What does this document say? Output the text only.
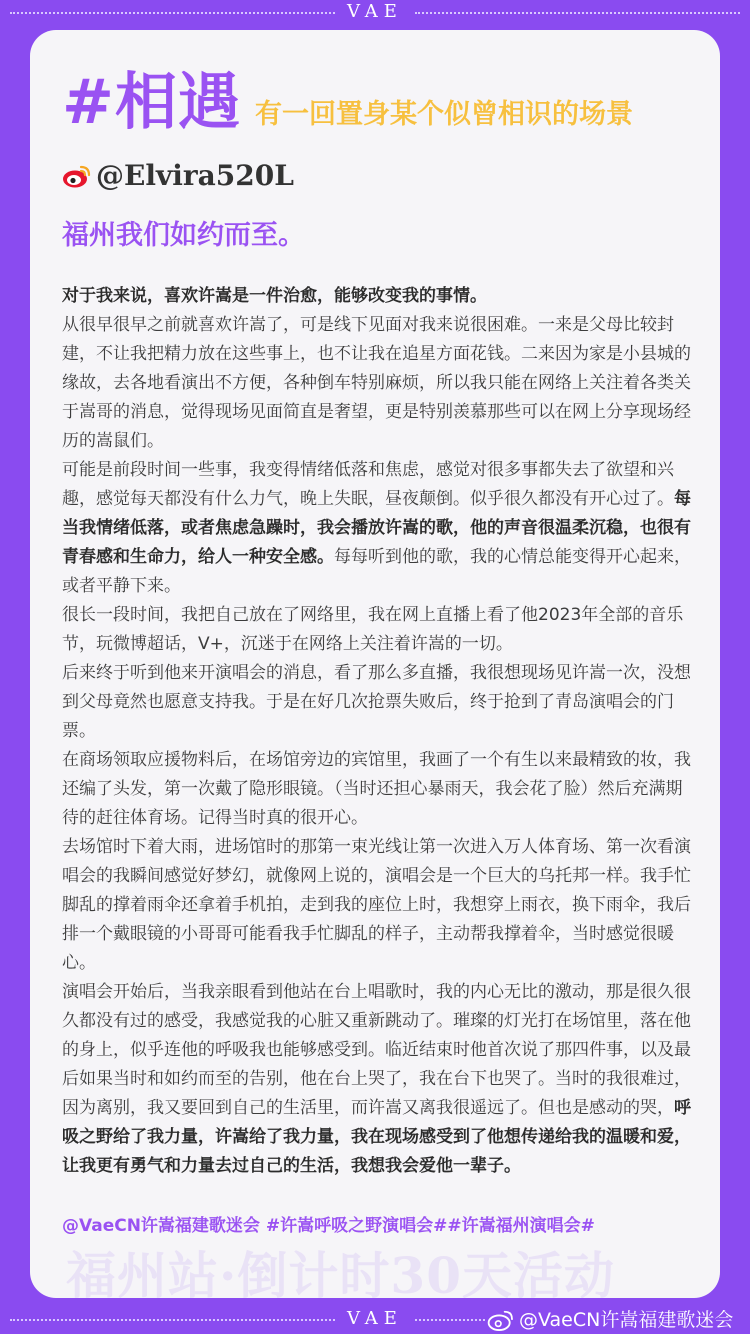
VAE
#相遇 有一回置身某个似曾相识的场景
@Elvira520L
福州我们如约而至。

对于我来说，喜欢许嵩是一件治愈，能够改变我的事情。

从很早很早之前就喜欢许嵩了，可是线下见面对我来说很困难。一来是父母比较封建，不让我把精力放在这些事上，也不让我在追星方面花钱。二来因为家是小县城的缘故，去各地看演出不方便，各种倒车特别麻烦，所以我只能在网络上关注着各类关于嵩哥的消息，觉得现场见面简直是奢望，更是特别羡慕那些可以在网上分享现场经历的嵩鼠们。

可能是前段时间一些事，我变得情绪低落和焦虑，感觉对很多事都失去了欲望和兴趣，感觉每天都没有什么力气，晚上失眠，昼夜颠倒。似乎很久都没有开心过了。每当我情绪低落，或者焦虑急躁时，我会播放许嵩的歌，他的声音很温柔沉稳，也很有青春感和生命力，给人一种安全感。每每听到他的歌，我的心情总能变得开心起来，或者平静下来。

很长一段时间，我把自己放在了网络里，我在网上直播上看了他2023年全部的音乐节，玩微博超话，V+，沉迷于在网络上关注着许嵩的一切。

后来终于听到他来开演唱会的消息，看了那么多直播，我很想现场见许嵩一次，没想到父母竟然也愿意支持我。于是在好几次抢票失败后，终于抢到了青岛演唱会的门票。

在商场领取应援物料后，在场馆旁边的宾馆里，我画了一个有生以来最精致的妆，我还编了头发，第一次戴了隐形眼镜。（当时还担心暴雨天，我会花了脸）然后充满期待的赶往体育场。记得当时真的很开心。

去场馆时下着大雨，进场馆时的那第一束光线让第一次进入万人体育场、第一次看演唱会的我瞬间感觉好梦幻，就像网上说的，演唱会是一个巨大的乌托邦一样。我手忙脚乱的撑着雨伞还拿着手机拍，走到我的座位上时，我想穿上雨衣，换下雨伞，我后排一个戴眼镜的小哥哥可能看我手忙脚乱的样子，主动帮我撑着伞，当时感觉很暖心。

演唱会开始后，当我亲眼看到他站在台上唱歌时，我的内心无比的激动，那是很久很久都没有过的感受，我感觉我的心脏又重新跳动了。璀璨的灯光打在场馆里，落在他的身上，似乎连他的呼吸我也能够感受到。临近结束时他首次说了那四件事，以及最后如果当时和如约而至的告别，他在台上哭了，我在台下也哭了。当时的我很难过，因为离别，我又要回到自己的生活里，而许嵩又离我很遥远了。但也是感动的哭，呼吸之野给了我力量，许嵩给了我力量，我在现场感受到了他想传递给我的温暖和爱，让我更有勇气和力量去过自己的生活，我想我会爱他一辈子。

@VaeCN许嵩福建歌迷会 #许嵩呼吸之野演唱会##许嵩福州演唱会#
福州站·倒计时30天活动
VAE	@VaeCN许嵩福建歌迷会
